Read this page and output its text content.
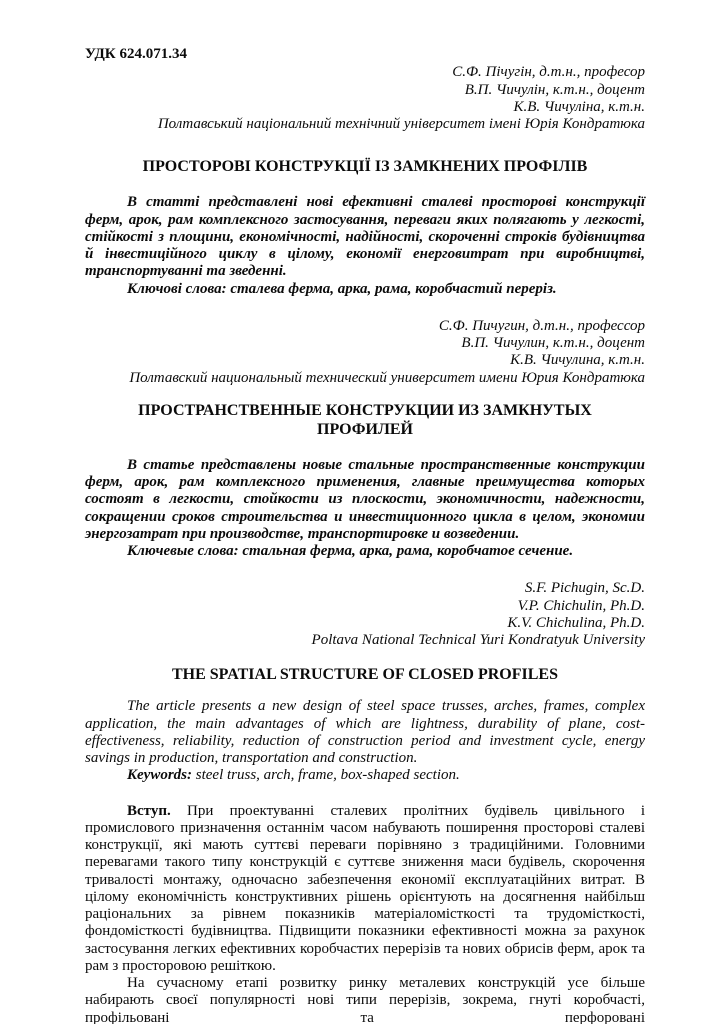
УДК 624.071.34
С.Ф. Пічугін, д.т.н., професор
В.П. Чичулін, к.т.н., доцент
К.В. Чичуліна, к.т.н.
Полтавський національний технічний університет імені Юрія Кондратюка
ПРОСТОРОВІ КОНСТРУКЦІЇ ІЗ ЗАМКНЕНИХ ПРОФІЛІВ

В статті представлені нові ефективні сталеві просторові конструкції ферм, арок, рам комплексного застосування, переваги яких полягають у легкості, стійкості з площини, економічності, надійності, скороченні строків будівництва й інвестиційного циклу в цілому, економії енерговитрат при виробництві, транспортуванні та зведенні.

Ключові слова: сталева ферма, арка, рама, коробчастий переріз.

С.Ф. Пичугин, д.т.н., профессор
В.П. Чичулин, к.т.н., доцент
К.В. Чичулина, к.т.н.
Полтавский национальный технический университет имени Юрия Кондратюка
ПРОСТРАНСТВЕННЫЕ КОНСТРУКЦИИ ИЗ ЗАМКНУТЫХ
ПРОФИЛЕЙ

В статье представлены новые стальные пространственные конструкции ферм, арок, рам комплексного применения, главные преимущества которых состоят в легкости, стойкости из плоскости, экономичности, надежности, сокращении сроков строительства и инвестиционного цикла в целом, экономии энергозатрат при производстве, транспортировке и возведении.

Ключевые слова: стальная ферма, арка, рама, коробчатое сечение.

S.F. Pichugin, Sc.D.
V.P. Chichulin, Ph.D.
K.V. Chichulina, Ph.D.
Poltava National Technical Yuri Kondratyuk University
THE SPATIAL STRUCTURE OF CLOSED PROFILES

The article presents a new design of steel space trusses, arches, frames, complex application, the main advantages of which are lightness, durability of plane, cost-effectiveness, reliability, reduction of construction period and investment cycle, energy savings in production, transportation and construction.

Keywords: steel truss, arch, frame, box-shaped section.

Вступ. При проектуванні сталевих пролітних будівель цивільного і промислового призначення останнім часом набувають поширення просторові сталеві конструкції, які мають суттєві переваги порівняно з традиційними. Головними перевагами такого типу конструкцій є суттєве зниження маси будівель, скорочення тривалості монтажу, одночасно забезпечення економії експлуатаційних витрат. В цілому економічність конструктивних рішень орієнтують на досягнення найбільш раціональних за рівнем показників матеріаломісткості та трудомісткості, фондомісткості будівництва. Підвищити показники ефективності можна за рахунок застосування легких ефективних коробчастих перерізів та нових обрисів ферм, арок та рам з просторовою решіткою.

На сучасному етапі розвитку ринку металевих конструкцій усе більше набирають своєї популярності нові типи перерізів, зокрема, гнуті коробчасті, профільовані та перфоровані
